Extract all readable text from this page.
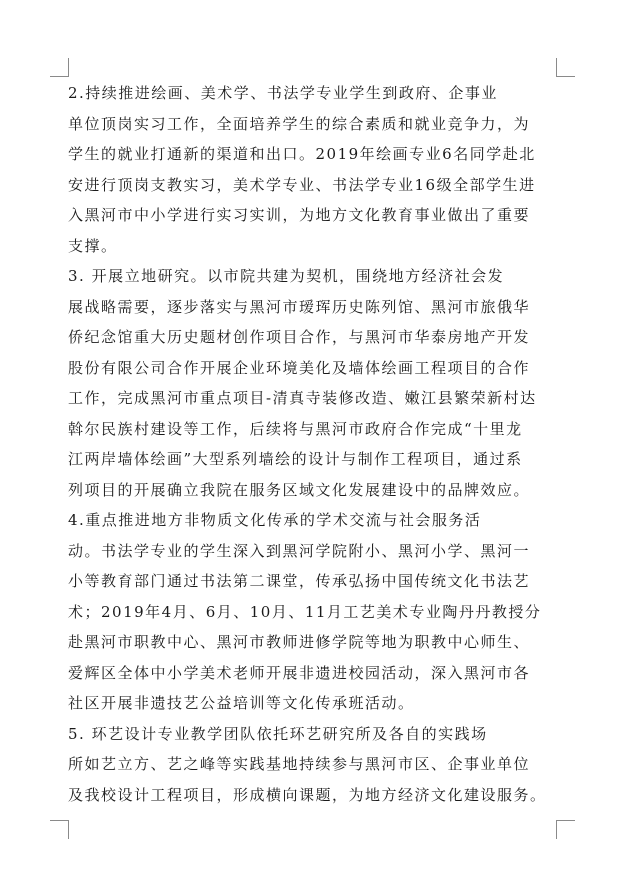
2.持续推进绘画、美术学、书法学专业学生到政府、企事业
单位顶岗实习工作，全面培养学生的综合素质和就业竞争力，为
学生的就业打通新的渠道和出口。2019年绘画专业6名同学赴北
安进行顶岗支教实习，美术学专业、书法学专业16级全部学生进
入黑河市中小学进行实习实训，为地方文化教育事业做出了重要
支撑。

3. 开展立地研究。以市院共建为契机，围绕地方经济社会发
展战略需要，逐步落实与黑河市瑷珲历史陈列馆、黑河市旅俄华
侨纪念馆重大历史题材创作项目合作，与黑河市华泰房地产开发
股份有限公司合作开展企业环境美化及墙体绘画工程项目的合作
工作，完成黑河市重点项目-清真寺装修改造、嫩江县繁荣新村达
斡尔民族村建设等工作，后续将与黑河市政府合作完成“十里龙
江两岸墙体绘画”大型系列墙绘的设计与制作工程项目，通过系
列项目的开展确立我院在服务区域文化发展建设中的品牌效应。

4.重点推进地方非物质文化传承的学术交流与社会服务活
动。书法学专业的学生深入到黑河学院附小、黑河小学、黑河一
小等教育部门通过书法第二课堂，传承弘扬中国传统文化书法艺
术；2019年4月、6月、10月、11月工艺美术专业陶丹丹教授分
赴黑河市职教中心、黑河市教师进修学院等地为职教中心师生、
爱辉区全体中小学美术老师开展非遗进校园活动，深入黑河市各
社区开展非遗技艺公益培训等文化传承班活动。

5. 环艺设计专业教学团队依托环艺研究所及各自的实践场
所如艺立方、艺之峰等实践基地持续参与黑河市区、企事业单位
及我校设计工程项目，形成横向课题，为地方经济文化建设服务。
